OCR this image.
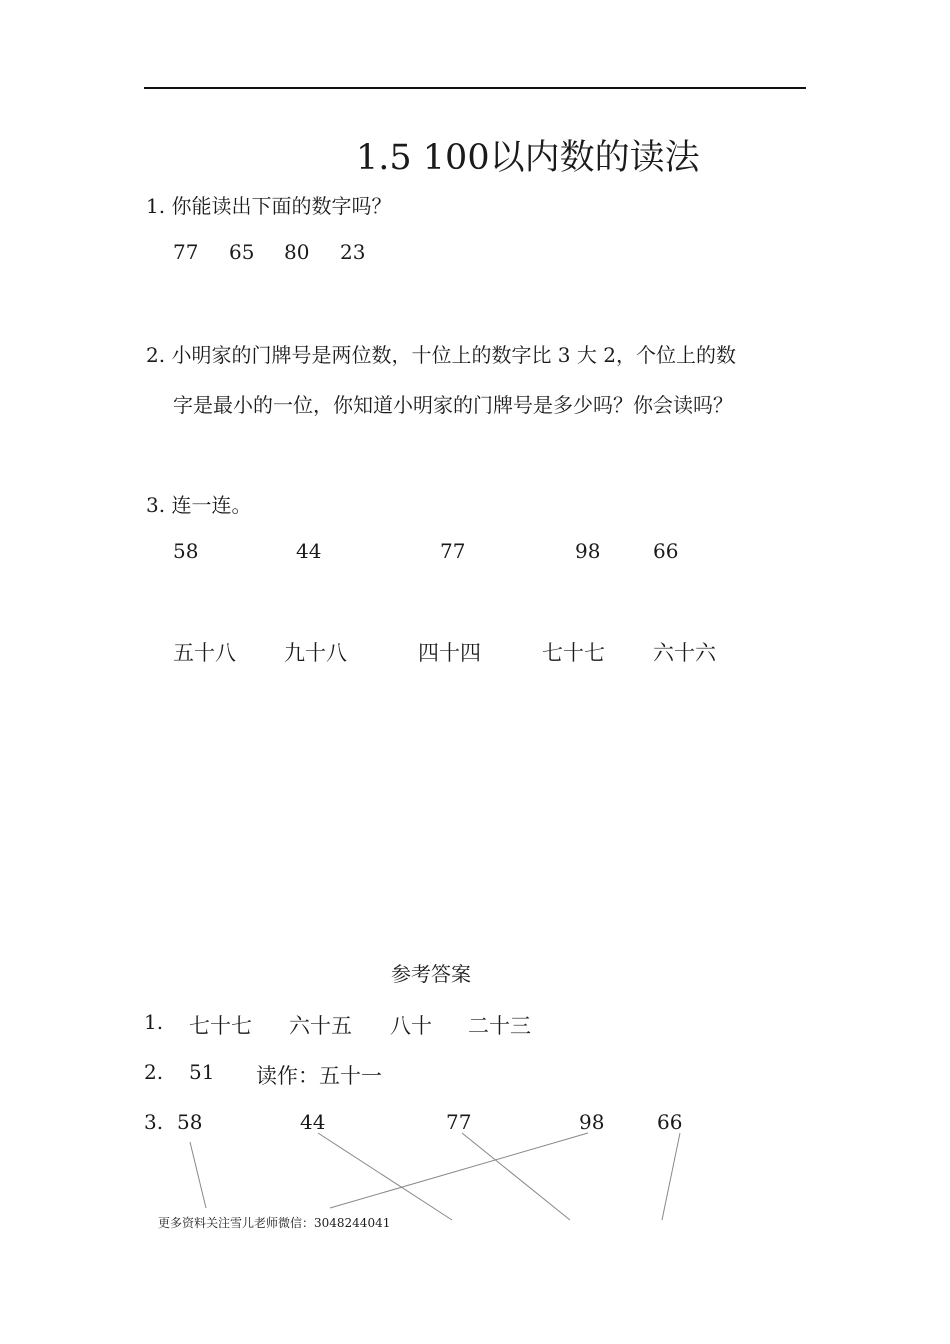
1.5 100以内数的读法
1. 你能读出下面的数字吗？
77 65 80 23
2. 小明家的门牌号是两位数，十位上的数字比 3 大 2，个位上的数
字是最小的一位，你知道小明家的门牌号是多少吗？你会读吗？
3. 连一连。
58	44	77	98	66
五十八 九十八	四十四	七十七 六十六
参考答案
1. 七十七 六十五 八十 二十三
2. 51 读作：五十一
3. 58	44	77	98	66
更多资料关注雪儿老师微信：3048244041
